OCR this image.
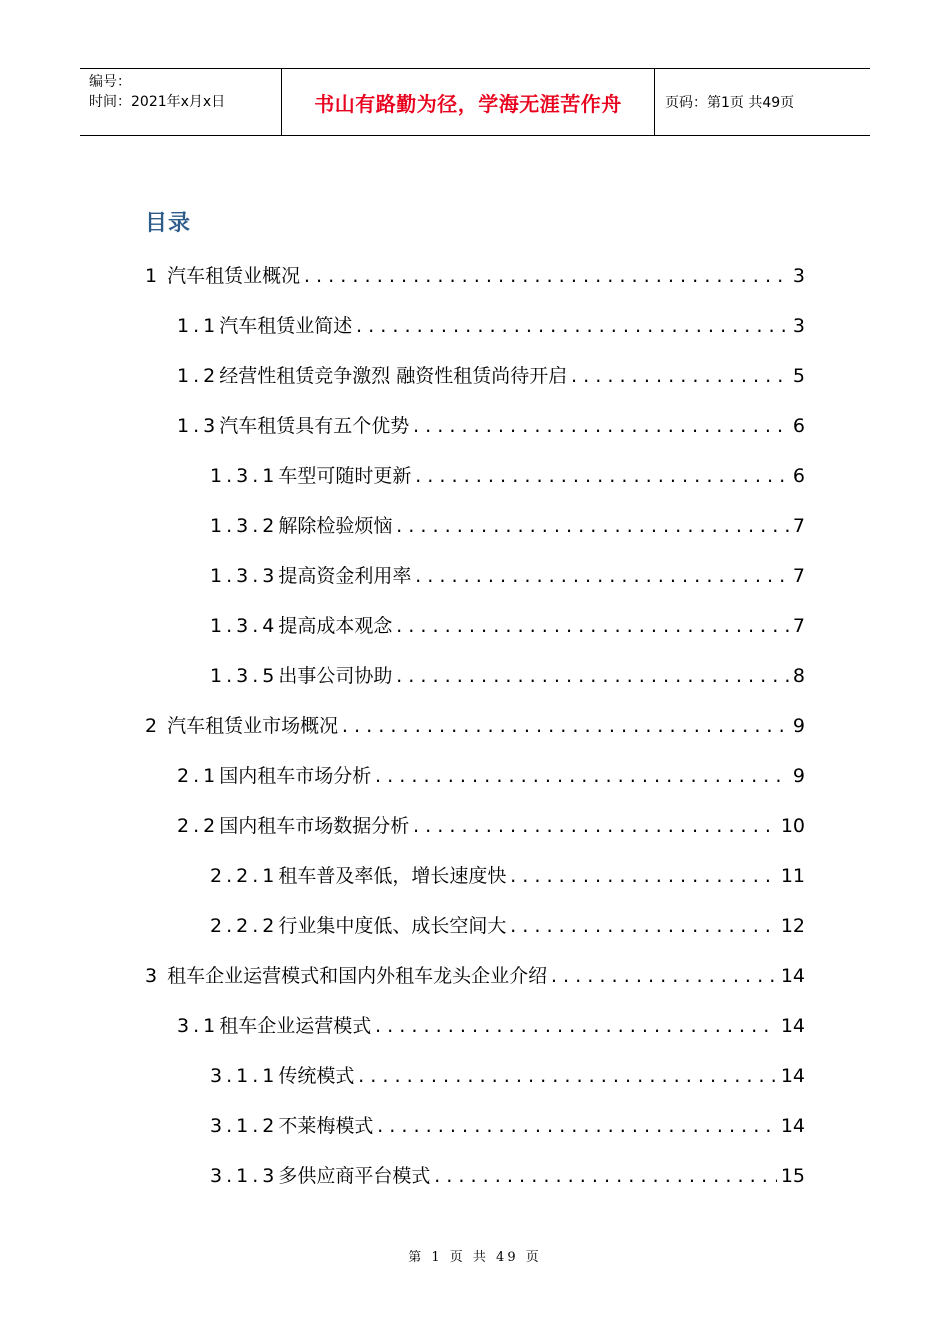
编号：
时间：2021年x月x日	书山有路勤为径，学海无涯苦作舟	页码：第1页 共49页
目录
1 汽车租赁业概况 .....	3
1.1汽车租赁业简述 .....	3
1.2经营性租赁竞争激烈 融资性租赁尚待开启 .....	5
1.3汽车租赁具有五个优势 .....	6
1.3.1车型可随时更新 .....	6
1.3.2解除检验烦恼 .....	7
1.3.3提高资金利用率 .....	7
1.3.4提高成本观念 .....	7
1.3.5出事公司协助 .....	8
2 汽车租赁业市场概况 .....	9
2.1国内租车市场分析 .....	9
2.2国内租车市场数据分析 .....	10
2.2.1租车普及率低，增长速度快 .....	11
2.2.2行业集中度低、成长空间大 .....	12
3 租车企业运营模式和国内外租车龙头企业介绍 .....	14
3.1租车企业运营模式 .....	14
3.1.1传统模式 .....	14
3.1.2不莱梅模式 .....	14
3.1.3多供应商平台模式 .....	15
第 1 页 共 49 页
